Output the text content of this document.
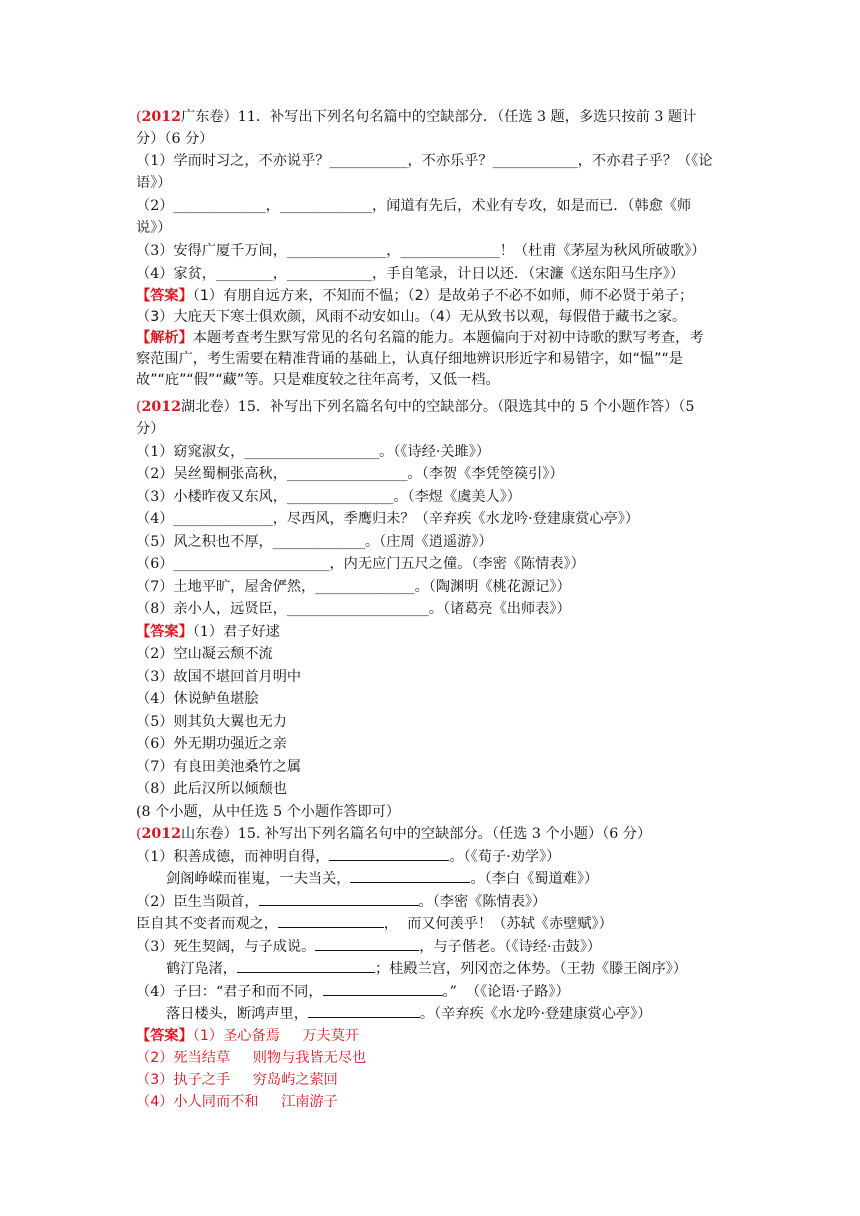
(2012广东卷）11．补写出下列名句名篇中的空缺部分．（任选 3 题，多选只按前 3 题计
分）（6 分）
（1）学而时习之，不亦说乎？___________，不亦乐乎？____________，不亦君子乎？（《论
语》）
（2）_____________，_____________，闻道有先后，术业有专攻，如是而已．（韩愈《师
说》）
（3）安得广厦千万间，______________，______________！（杜甫《茅屋为秋风所破歌》）
（4）家贫，________，____________，手自笔录，计日以还．（宋濂《送东阳马生序》）
【答案】（1）有朋自远方来，不知而不愠；（2）是故弟子不必不如师，师不必贤于弟子；
（3）大庇天下寒士俱欢颜，风雨不动安如山。（4）无从致书以观，每假借于藏书之家。
【解析】本题考查考生默写常见的名句名篇的能力。本题偏向于对初中诗歌的默写考查，考
察范围广，考生需要在精准背诵的基础上，认真仔细地辨识形近字和易错字，如“愠”“是
故”“庇”“假”“藏”等。只是难度较之往年高考，又低一档。
(2012湖北卷）15．补写出下列名篇名句中的空缺部分。（限选其中的 5 个小题作答）（5
分）
（1）窈窕淑女，___________________。（《诗经·关雎》）
（2）吴丝蜀桐张高秋，_________________。（李贺《李凭箜篌引》）
（3）小楼昨夜又东风，_______________。（李煜《虞美人》）
（4）______________，尽西风，季鹰归未？（辛弃疾《水龙吟·登建康赏心亭》）
（5）风之积也不厚，_____________。（庄周《逍遥游》）
（6）______________________，内无应门五尺之僮。（李密《陈情表》）
（7）土地平旷，屋舍俨然，______________。（陶渊明《桃花源记》）
（8）亲小人，远贤臣，____________________。（诸葛亮《出师表》）
【答案】（1）君子好逑
（2）空山凝云颓不流
（3）故国不堪回首月明中
（4）休说鲈鱼堪脍
（5）则其负大翼也无力
（6）外无期功强近之亲
（7）有良田美池桑竹之属
（8）此后汉所以倾颓也
(8 个小题，从中任选 5 个小题作答即可）
(2012山东卷）15. 补写出下列名篇名句中的空缺部分。（任选 3 个小题）（6 分）
（1）积善成德，而神明自得，	。（《荀子·劝学》）
剑阁峥嵘而崔嵬，一夫当关，	。（李白《蜀道难》）
（2）臣生当陨首，	。（李密《陈情表》）
臣自其不变者而观之，	，  而又何羡乎！（苏轼《赤壁赋》）
（3）死生契阔，与子成说。	，与子偕老。（《诗经·击鼓》）
鹤汀凫渚，	；桂殿兰宫，列冈峦之体势。（王勃《滕王阁序》）
（4）子曰：“君子和而不同，	。”  （《论语·子路》）
落日楼头，断鸿声里，	。（辛弃疾《水龙吟·登建康赏心亭》）
【答案】（1）圣心备焉     万夫莫开
（2）死当结草     则物与我皆无尽也
（3）执子之手     穷岛屿之萦回
（4）小人同而不和     江南游子
